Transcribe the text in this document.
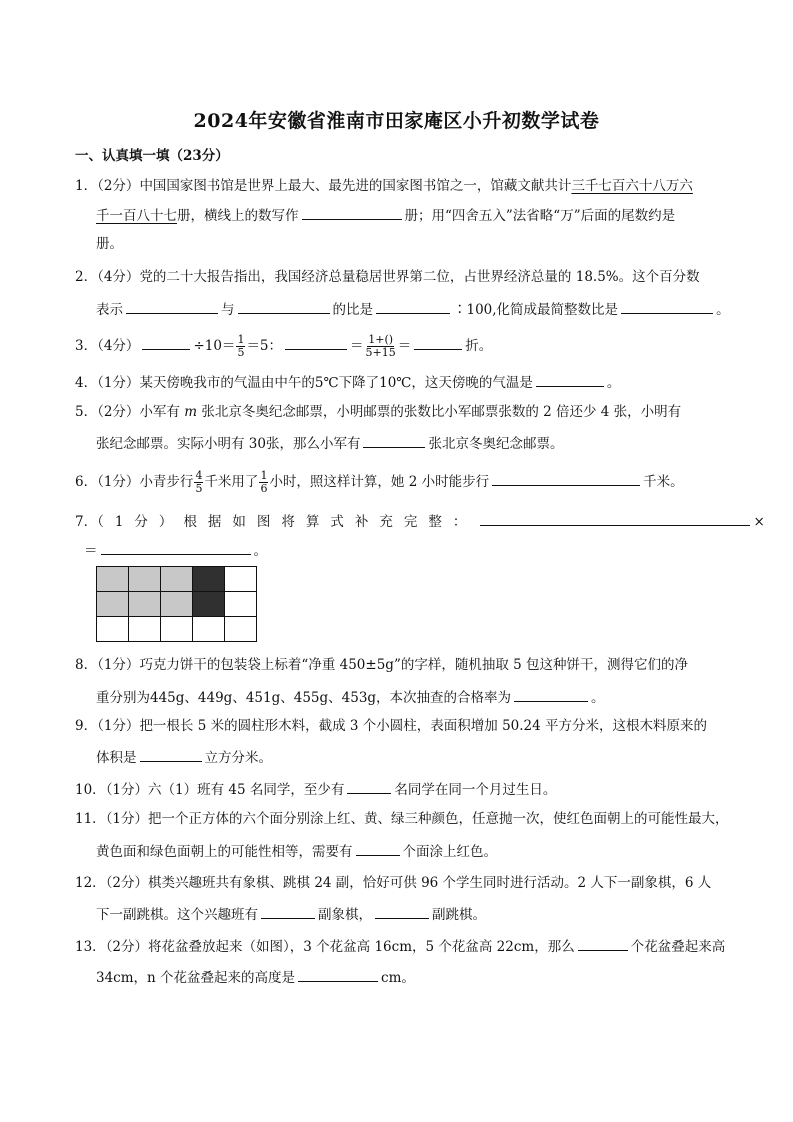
2024年安徽省淮南市田家庵区小升初数学试卷
一、认真填一填（23分）
1．（2分）中国国家图书馆是世界上最大、最先进的国家图书馆之一，馆藏文献共计三千七百六十八万六
千一百八十七册，横线上的数写作	册；用“四舍五入”法省略“万”后面的尾数约是
册。
2．（4分）党的二十大报告指出，我国经济总量稳居世界第二位，占世界经济总量的 18.5%。这个百分数
表示	与	的比是	∶100,化简成最简整数比是	。
3．（4分）	$\div 10= \frac{1}{5} =5$：	＝ $\frac{1+()}{5+15}$ ＝	折。
4．（1分）某天傍晚我市的气温由中午的5℃下降了10℃，这天傍晚的气温是	。
5．（2分）小军有 m 张北京冬奥纪念邮票，小明邮票的张数比小军邮票张数的 2 倍还少 4 张，小明有
张纪念邮票。实际小明有 30张，那么小军有	张北京冬奥纪念邮票。
6．（1分）小青步行 $\frac{4}{5}$ 千米用了 $\frac{1}{6}$ 小时，照这样计算，她 2 小时能步行	千米。
7．（1分）根据如图将算式补充完整：	×
＝	。

8．（1分）巧克力饼干的包装袋上标着“净重 450±5g”的字样，随机抽取 5 包这种饼干，测得它们的净
重分别为445g、449g、451g、455g、453g，本次抽查的合格率为	。
9．（1分）把一根长 5 米的圆柱形木料，截成 3 个小圆柱，表面积增加 50.24 平方分米，这根木料原来的
体积是	立方分米。
10．（1分）六（1）班有 45 名同学，至少有	名同学在同一个月过生日。
11．（1分）把一个正方体的六个面分别涂上红、黄、绿三种颜色，任意抛一次，使红色面朝上的可能性最大，
黄色面和绿色面朝上的可能性相等，需要有	个面涂上红色。
12．（2分）棋类兴趣班共有象棋、跳棋 24 副，恰好可供 96 个学生同时进行活动。2 人下一副象棋，6 人
下一副跳棋。这个兴趣班有	副象棋，	副跳棋。
13．（2分）将花盆叠放起来（如图），3 个花盆高 16cm，5 个花盆高 22cm，那么	个花盆叠起来高
34cm，n 个花盆叠起来的高度是	cm。
